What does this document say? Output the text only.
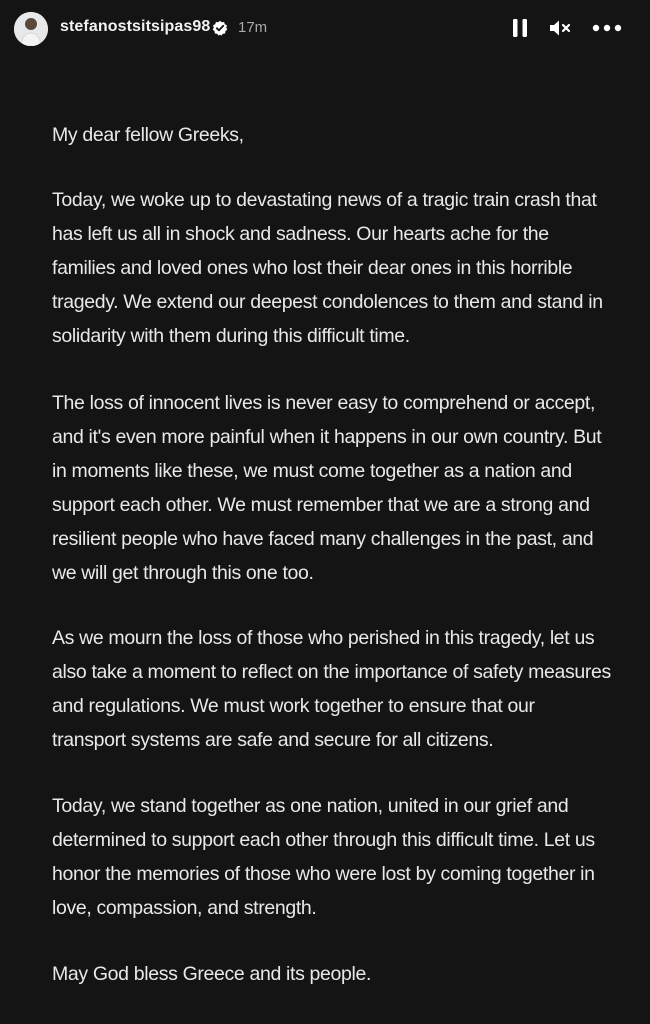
stefanostsitsipas98 17m

My dear fellow Greeks,

Today, we woke up to devastating news of a tragic train crash that has left us all in shock and sadness. Our hearts ache for the families and loved ones who lost their dear ones in this horrible tragedy. We extend our deepest condolences to them and stand in solidarity with them during this difficult time.

The loss of innocent lives is never easy to comprehend or accept, and it's even more painful when it happens in our own country. But in moments like these, we must come together as a nation and support each other. We must remember that we are a strong and resilient people who have faced many challenges in the past, and we will get through this one too.

As we mourn the loss of those who perished in this tragedy, let us also take a moment to reflect on the importance of safety measures and regulations. We must work together to ensure that our transport systems are safe and secure for all citizens.

Today, we stand together as one nation, united in our grief and determined to support each other through this difficult time. Let us honor the memories of those who were lost by coming together in love, compassion, and strength.

May God bless Greece and its people.
